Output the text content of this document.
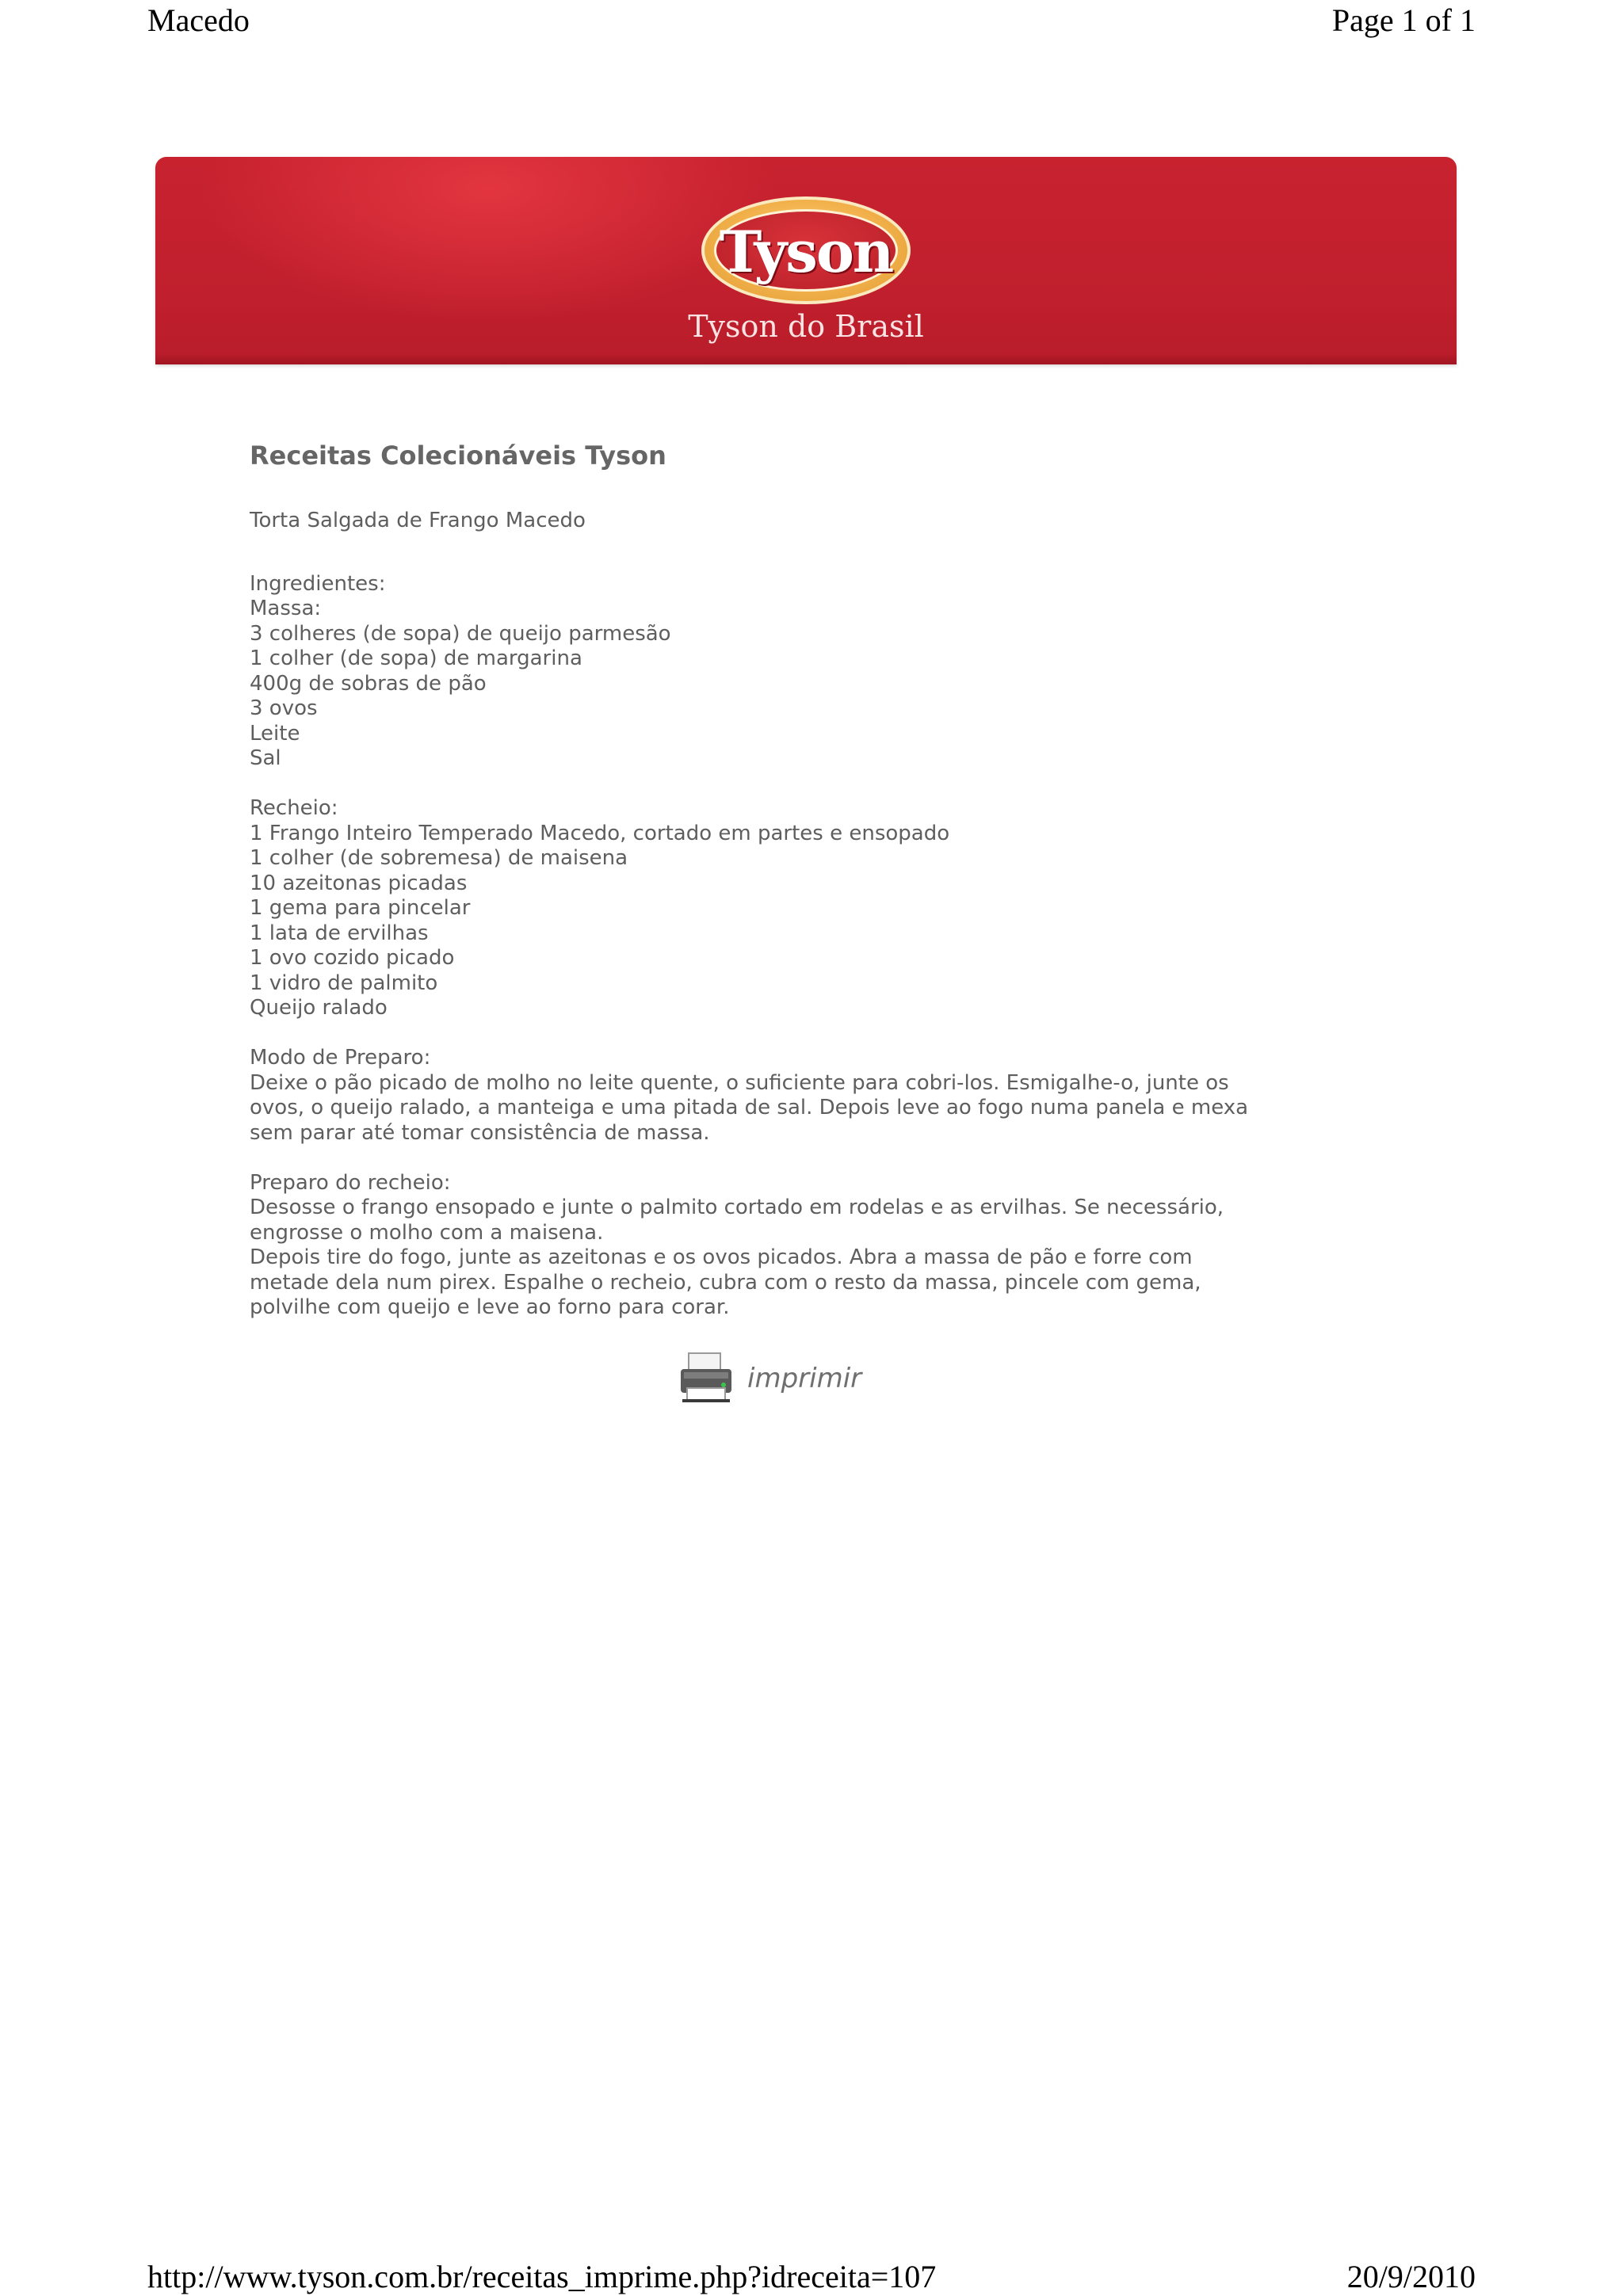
Macedo	Page 1 of 1
Tyson
Tyson do Brasil
Receitas Colecionáveis Tyson
Torta Salgada de Frango Macedo
Ingredientes:
Massa:
3 colheres (de sopa) de queijo parmesão
1 colher (de sopa) de margarina
400g de sobras de pão
3 ovos
Leite
Sal
Recheio:
1 Frango Inteiro Temperado Macedo, cortado em partes e ensopado
1 colher (de sobremesa) de maisena
10 azeitonas picadas
1 gema para pincelar
1 lata de ervilhas
1 ovo cozido picado
1 vidro de palmito
Queijo ralado
Modo de Preparo:
Deixe o pão picado de molho no leite quente, o suficiente para cobri-los. Esmigalhe-o, junte os
ovos, o queijo ralado, a manteiga e uma pitada de sal. Depois leve ao fogo numa panela e mexa
sem parar até tomar consistência de massa.
Preparo do recheio:
Desosse o frango ensopado e junte o palmito cortado em rodelas e as ervilhas. Se necessário,
engrosse o molho com a maisena.
Depois tire do fogo, junte as azeitonas e os ovos picados. Abra a massa de pão e forre com
metade dela num pirex. Espalhe o recheio, cubra com o resto da massa, pincele com gema,
polvilhe com queijo e leve ao forno para corar.
imprimir
http://www.tyson.com.br/receitas_imprime.php?idreceita=107	20/9/2010
